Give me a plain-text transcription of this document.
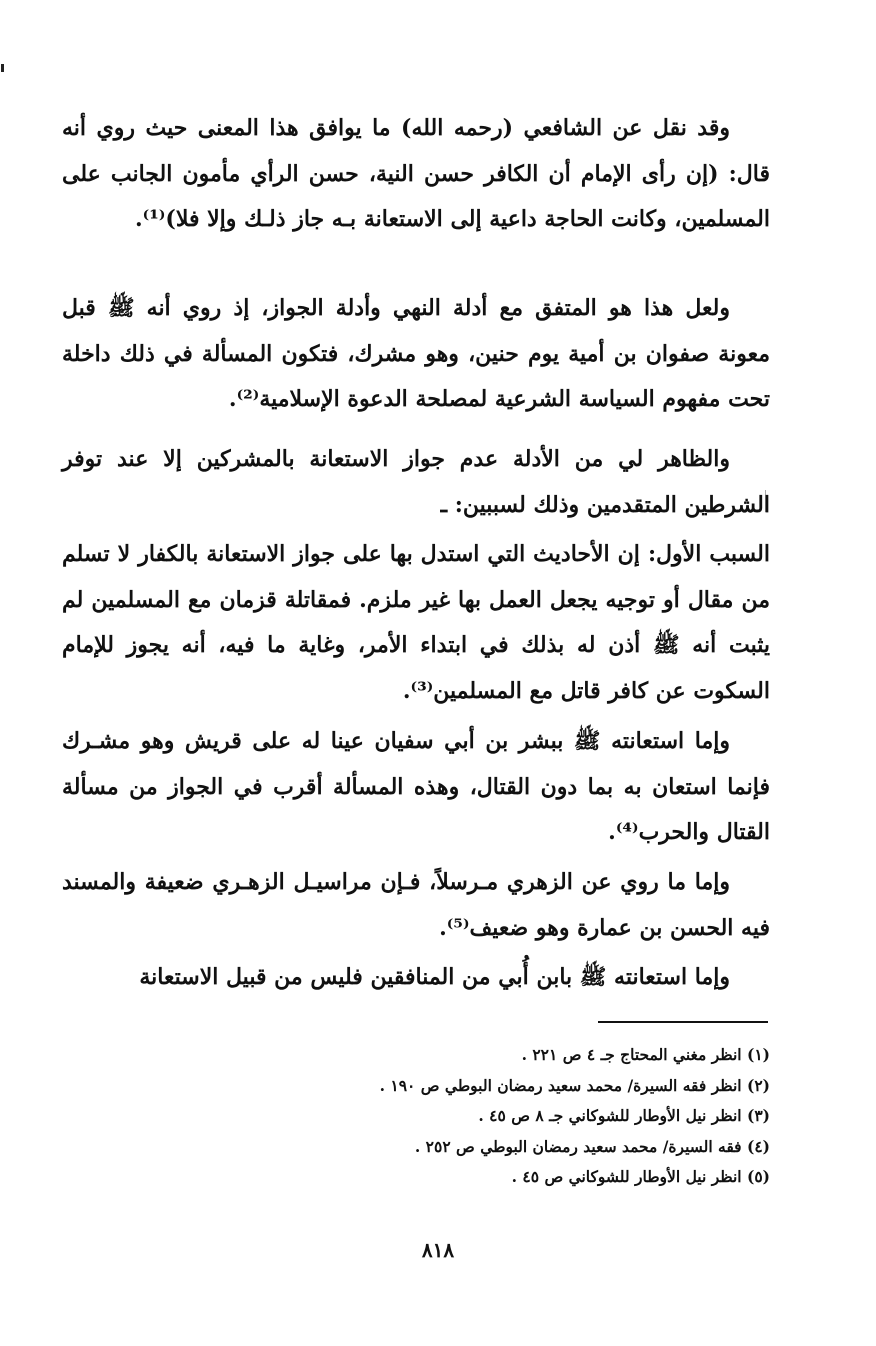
وقد نقل عن الشافعي (رحمه الله) ما يوافق هذا المعنى حيث روي أنه قال: (إن رأى الإمام أن الكافر حسن النية، حسن الرأي مأمون الجانب على المسلمين، وكانت الحاجة داعية إلى الاستعانة بـه جاز ذلـك وإلا فلا)⁽¹⁾.
ولعل هذا هو المتفق مع أدلة النهي وأدلة الجواز، إذ روي أنه ﷺ قبل معونة صفوان بن أمية يوم حنين، وهو مشرك، فتكون المسألة في ذلك داخلة تحت مفهوم السياسة الشرعية لمصلحة الدعوة الإسلامية⁽²⁾.
والظاهر لي من الأدلة عدم جواز الاستعانة بالمشركين إلا عند توفر الشرطين المتقدمين وذلك لسببين: ـ
السبب الأول: إن الأحاديث التي استدل بها على جواز الاستعانة بالكفار لا تسلم من مقال أو توجيه يجعل العمل بها غير ملزم. فمقاتلة قزمان مع المسلمين لم يثبت أنه ﷺ أذن له بذلك في ابتداء الأمر، وغاية ما فيه، أنه يجوز للإمام السكوت عن كافر قاتل مع المسلمين⁽³⁾.
وإما استعانته ﷺ ببشر بن أبي سفيان عينا له على قريش وهو مشـرك فإنما استعان به بما دون القتال، وهذه المسألة أقرب في الجواز من مسألة القتال والحرب⁽⁴⁾.
وإما ما روي عن الزهري مـرسلاً، فـإن مراسيـل الزهـري ضعيفة والمسند فيه الحسن بن عمارة وهو ضعيف⁽⁵⁾.
وإما استعانته ﷺ بابن أُبي من المنافقين فليس من قبيل الاستعانة
(١) انظر مغني المحتاج جـ ٤ ص ٢٢١ .
(٢) انظر فقه السيرة/ محمد سعيد رمضان البوطي ص ١٩٠ .
(٣) انظر نيل الأوطار للشوكاني جـ ٨ ص ٤٥ .
(٤) فقه السيرة/ محمد سعيد رمضان البوطي ص ٢٥٢ .
(٥) انظر نيل الأوطار للشوكاني ص ٤٥ .
٨١٨
